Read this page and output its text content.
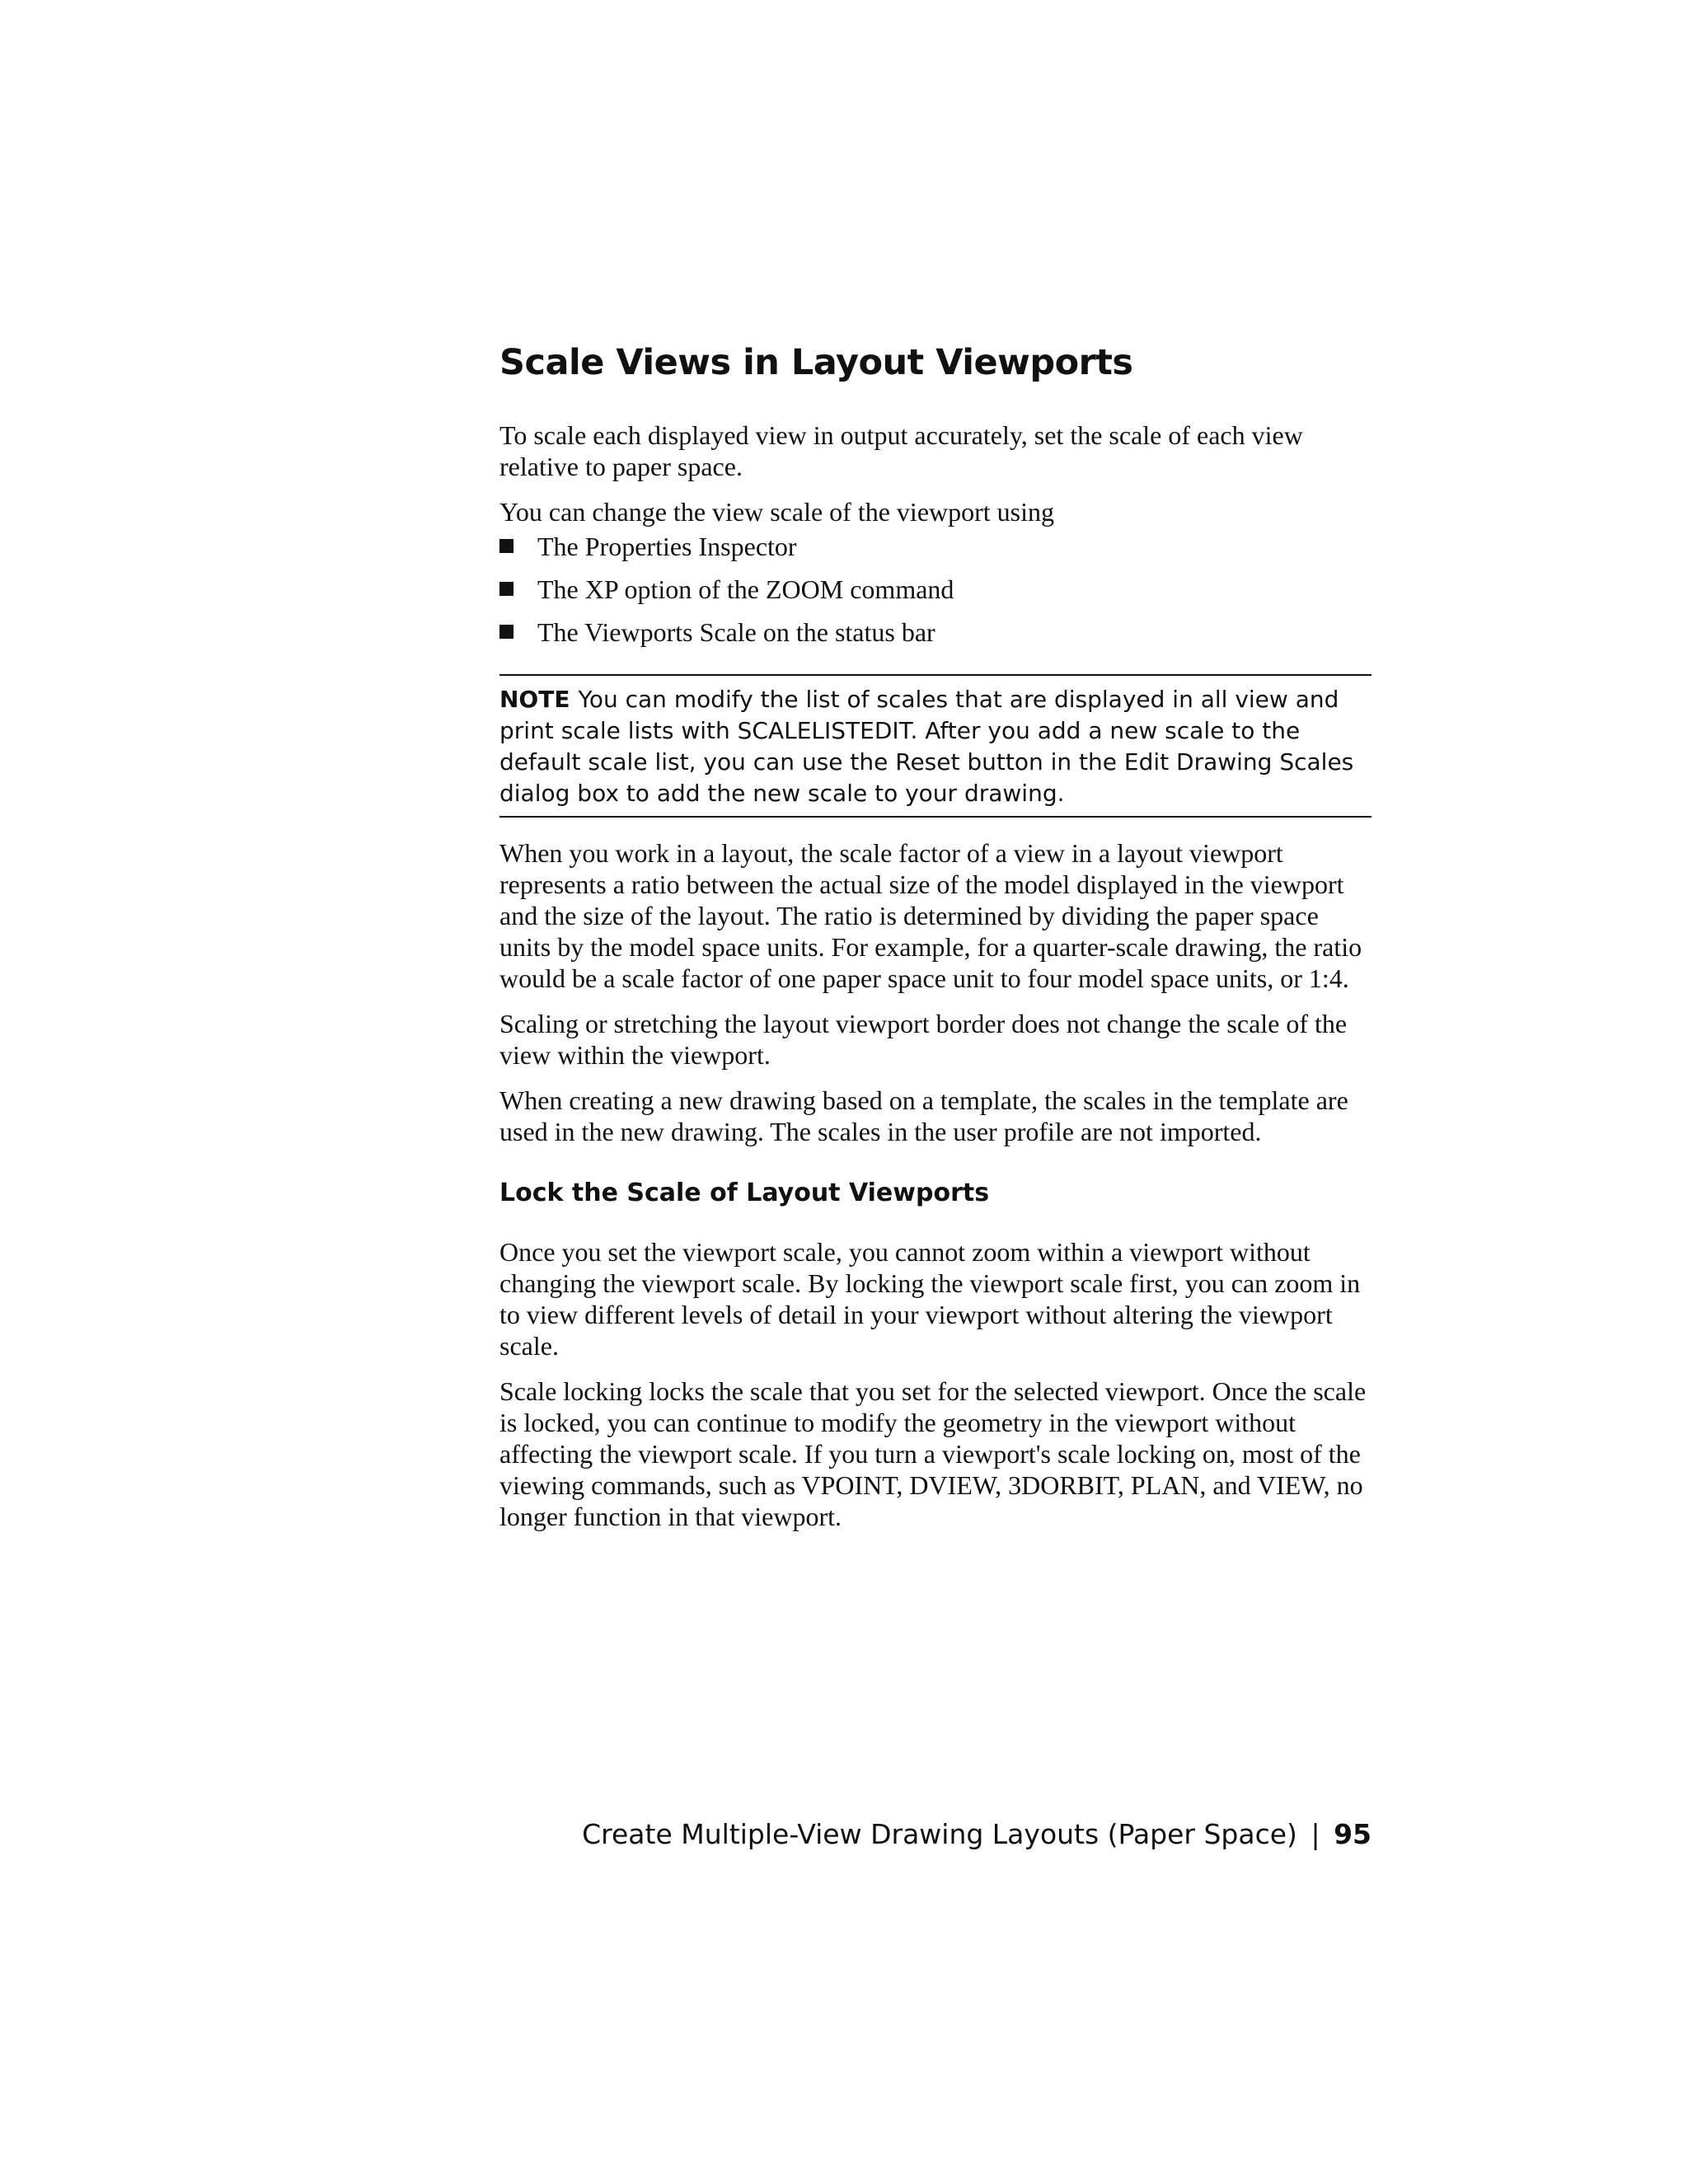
Scale Views in Layout Viewports

To scale each displayed view in output accurately, set the scale of each view relative to paper space.

You can change the view scale of the viewport using

The Properties Inspector
The XP option of the ZOOM command
The Viewports Scale on the status bar
NOTE You can modify the list of scales that are displayed in all view and print scale lists with SCALELISTEDIT. After you add a new scale to the default scale list, you can use the Reset button in the Edit Drawing Scales dialog box to add the new scale to your drawing.

When you work in a layout, the scale factor of a view in a layout viewport represents a ratio between the actual size of the model displayed in the viewport and the size of the layout. The ratio is determined by dividing the paper space units by the model space units. For example, for a quarter-scale drawing, the ratio would be a scale factor of one paper space unit to four model space units, or 1:4.

Scaling or stretching the layout viewport border does not change the scale of the view within the viewport.

When creating a new drawing based on a template, the scales in the template are used in the new drawing. The scales in the user profile are not imported.

Lock the Scale of Layout Viewports

Once you set the viewport scale, you cannot zoom within a viewport without changing the viewport scale. By locking the viewport scale first, you can zoom in to view different levels of detail in your viewport without altering the viewport scale.

Scale locking locks the scale that you set for the selected viewport. Once the scale is locked, you can continue to modify the geometry in the viewport without affecting the viewport scale. If you turn a viewport's scale locking on, most of the viewing commands, such as VPOINT, DVIEW, 3DORBIT, PLAN, and VIEW, no longer function in that viewport.

Create Multiple-View Drawing Layouts (Paper Space) | 95
